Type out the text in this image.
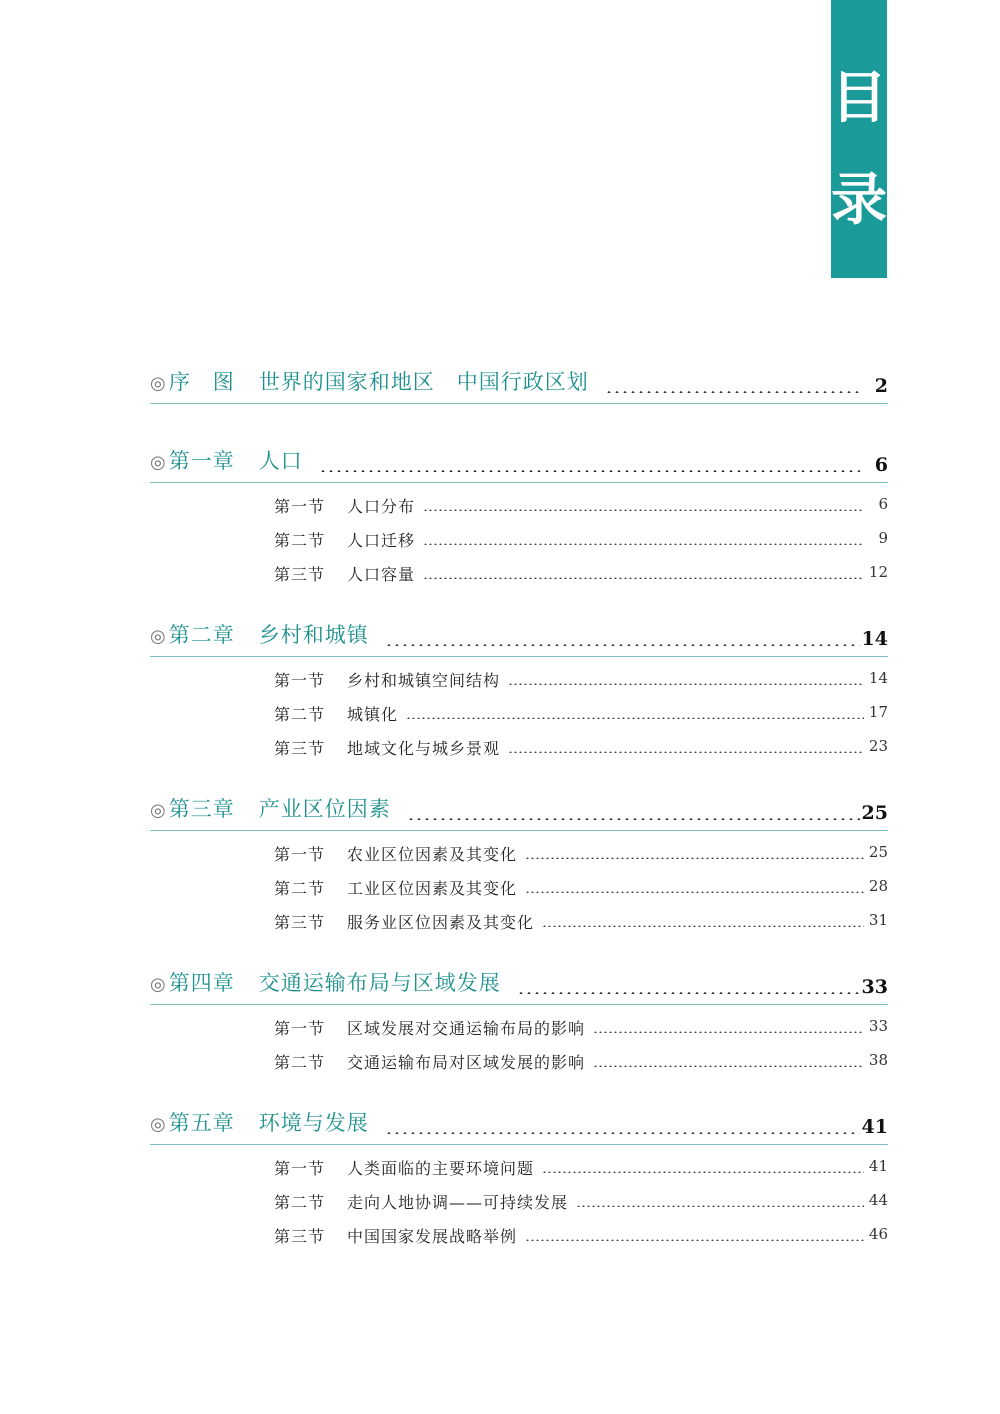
目
录
◎序　图 世界的国家和地区　中国行政区划	2
◎第一章 人口	6
第一节 人口分布	6
第二节 人口迁移	9
第三节 人口容量	12
◎第二章 乡村和城镇	14
第一节 乡村和城镇空间结构	14
第二节 城镇化	17
第三节 地域文化与城乡景观	23
◎第三章 产业区位因素	25
第一节 农业区位因素及其变化	25
第二节 工业区位因素及其变化	28
第三节 服务业区位因素及其变化	31
◎第四章 交通运输布局与区域发展	33
第一节 区域发展对交通运输布局的影响	33
第二节 交通运输布局对区域发展的影响	38
◎第五章 环境与发展	41
第一节 人类面临的主要环境问题	41
第二节 走向人地协调——可持续发展	44
第三节 中国国家发展战略举例	46
